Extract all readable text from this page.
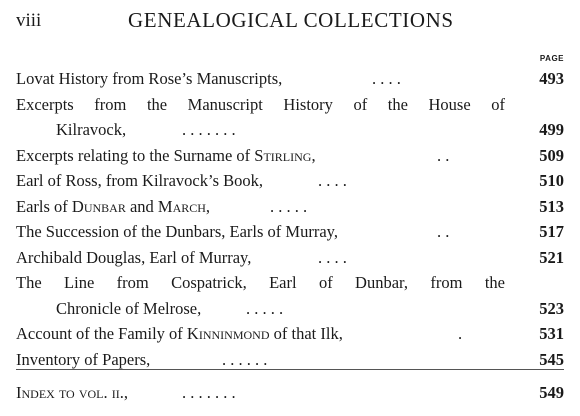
viii	GENEALOGICAL COLLECTIONS
PAGE
Lovat History from Rose’s Manuscripts,	. . . .	493
Excerpts from the Manuscript History of the House of
Kilravock,	. . . . . . .	499
Excerpts relating to the Surname of Stirling,	. .	509
Earl of Ross, from Kilravock’s Book,	. . . .	510
Earls of Dunbar and March,	. . . . .	513
The Succession of the Dunbars, Earls of Murray,	. .	517
Archibald Douglas, Earl of Murray,	. . . .	521
The Line from Cospatrick, Earl of Dunbar, from the
Chronicle of Melrose,	. . . . .	523
Account of the Family of Kinninmond of that Ilk,	.	531
Inventory of Papers,	. . . . . .	545
Index to vol. ii.,	. . . . . . .	549
